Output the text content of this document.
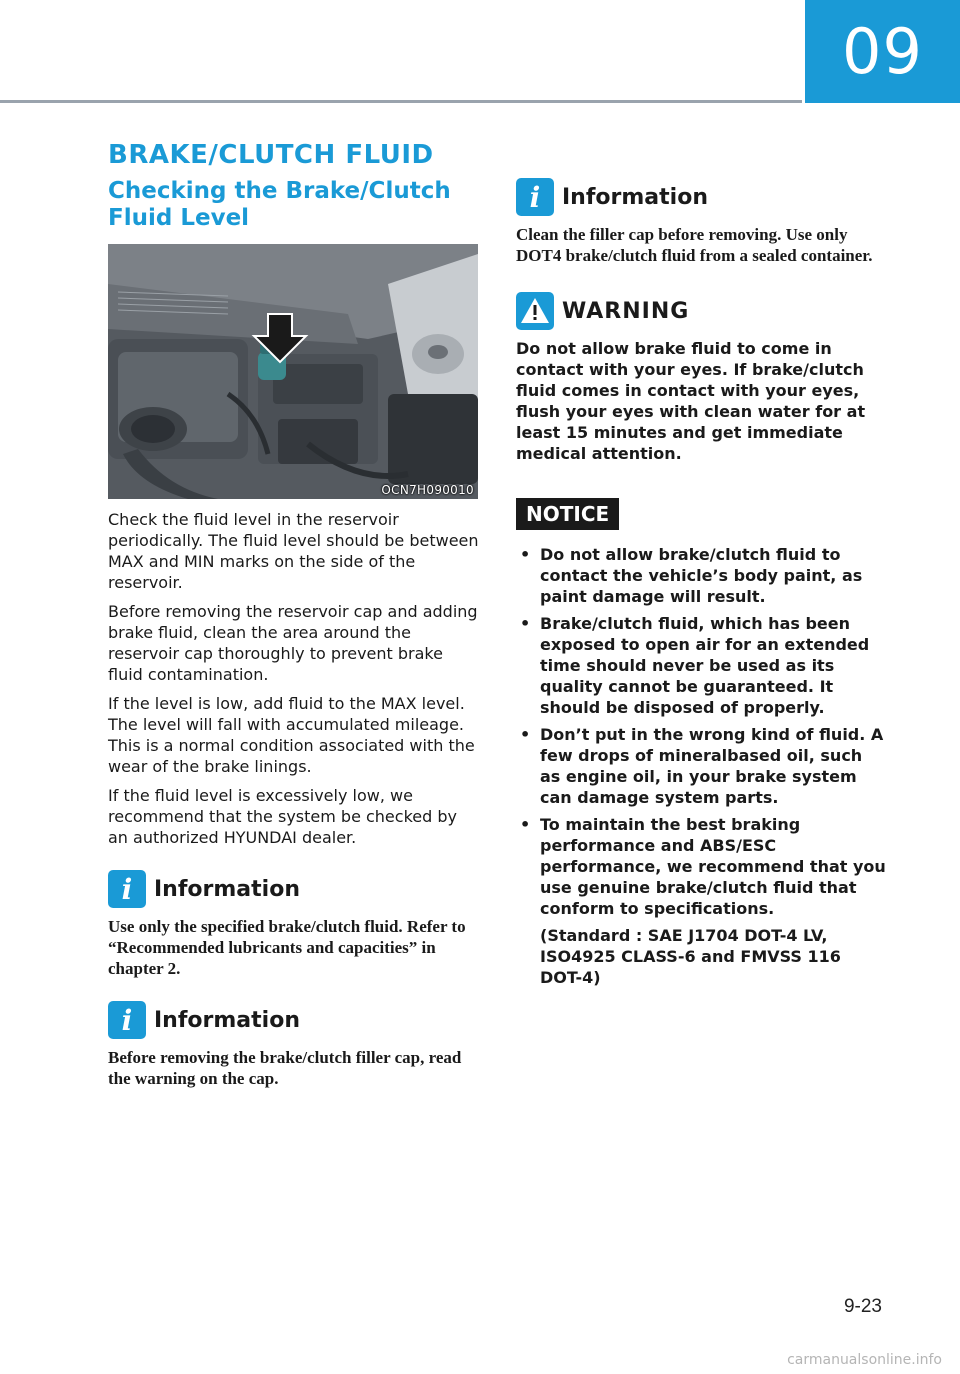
09
BRAKE/CLUTCH FLUID
Checking the Brake/Clutch Fluid Level
OCN7H090010

Check the fluid level in the reservoir periodically. The fluid level should be between MAX and MIN marks on the side of the reservoir.

Before removing the reservoir cap and adding brake fluid, clean the area around the reservoir cap thoroughly to prevent brake fluid contamination.

If the level is low, add fluid to the MAX level. The level will fall with accumulated mileage. This is a normal condition associated with the wear of the brake linings.

If the fluid level is excessively low, we recommend that the system be checked by an authorized HYUNDAI dealer.

i Information

Use only the specified brake/clutch fluid. Refer to “Recommended lubricants and capacities” in chapter 2.

i Information

Before removing the brake/clutch filler cap, read the warning on the cap.

i Information

Clean the filler cap before removing. Use only DOT4 brake/clutch fluid from a sealed container.

WARNING

Do not allow brake fluid to come in contact with your eyes. If brake/clutch fluid comes in contact with your eyes, flush your eyes with clean water for at least 15 minutes and get immediate medical attention.

NOTICE
• Do not allow brake/clutch fluid to contact the vehicle’s body paint, as paint damage will result.
• Brake/clutch fluid, which has been exposed to open air for an extended time should never be used as its quality cannot be guaranteed. It should be disposed of properly.
• Don’t put in the wrong kind of fluid. A few drops of mineralbased oil, such as engine oil, in your brake system can damage system parts.
• To maintain the best braking performance and ABS/ESC performance, we recommend that you use genuine brake/clutch fluid that conform to specifications.

(Standard : SAE J1704 DOT-4 LV, ISO4925 CLASS-6 and FMVSS 116 DOT-4)

9-23
carmanualsonline.info
